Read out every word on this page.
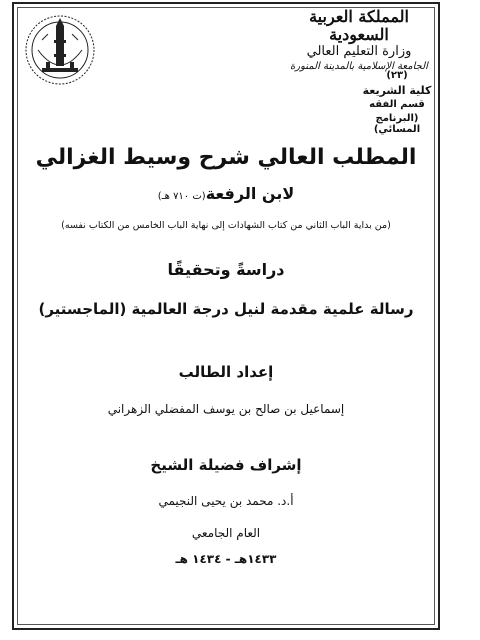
المملكة العربية السعودية
وزارة التعليم العالي
الجامعة الإسلامية بالمدينة المنورة
(٢٣)
كلية الشريعة
قسم الفقه
(البرنامج المسائي)
المطلب العالي شرح وسيط الغزالي
لابن الرفعة(ت ٧١٠ هـ)
(من بداية الباب الثاني من كتاب الشهادات إلى نهاية الباب الخامس من الكتاب نفسه)
دراسةً وتحقيقًا
رسالة علمية مقدمة لنيل درجة العالمية (الماجستير)
إعداد الطالب
إسماعيل بن صالح بن يوسف المفضلي الزهراني
إشراف فضيلة الشيخ
أ.د. محمد بن يحيى النجيمي
العام الجامعي
١٤٣٣هـ - ١٤٣٤ هـ
